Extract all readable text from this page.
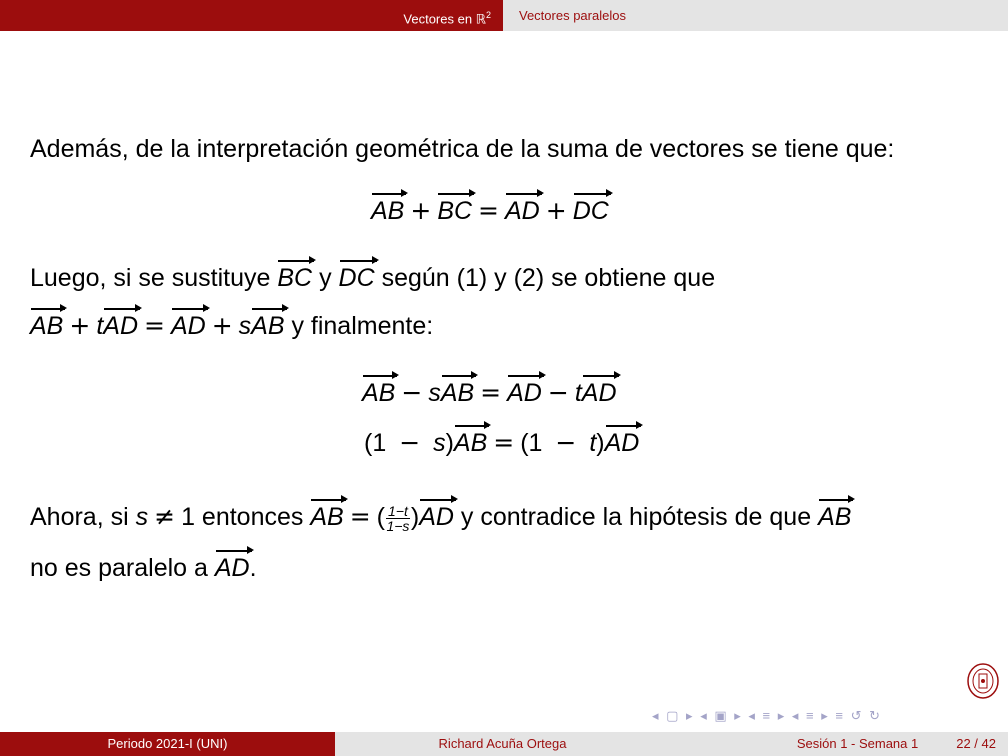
Vectores en ℝ$^2$	Vectores paralelos
Además, de la interpretación geométrica de la suma de vectores se tiene que:
AB + BC = AD + DC
Luego, si se sustituye BC y DC según (1) y (2) se obtiene que
AB + tAD = AD + sAB y finalmente:
AB − sAB = AD − tAD
(1 − s)AB = (1 − t)AD
Ahora, si s ≠ 1 entonces AB = ( $\frac{1-t}{1-s} )AD$ y contradice la hipótesis de que AB
no es paralelo a AD.
◂ ▢ ▸ ◂ ▣ ▸ ◂ ≡ ▸ ◂ ≡ ▸ ≡ ↺ ↻
Periodo 2021-I (UNI)	Richard Acuña Ortega	Sesión 1 - Semana 1	22 / 42
